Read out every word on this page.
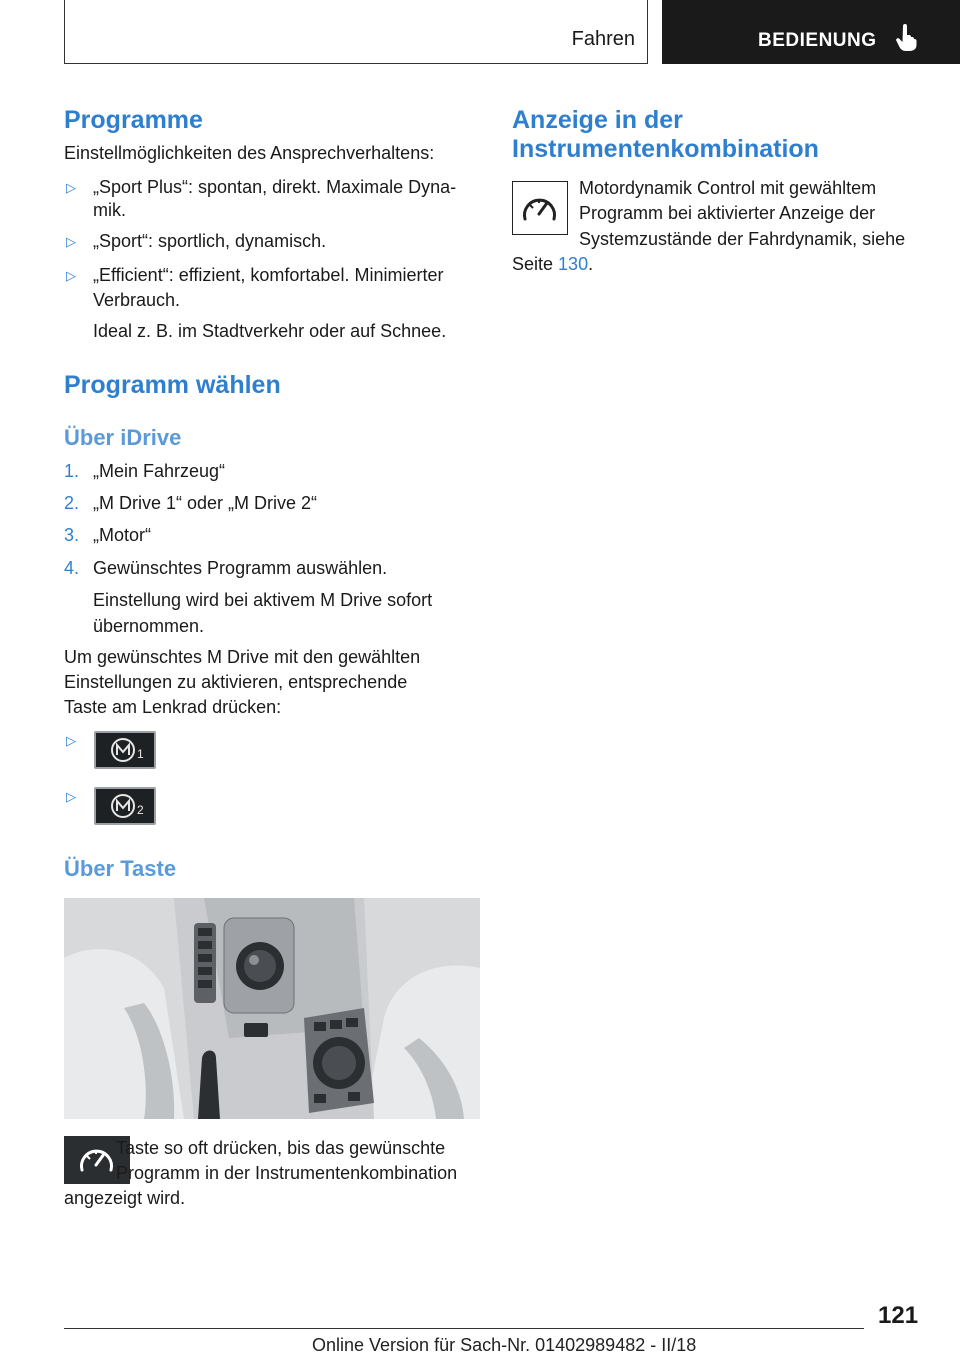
Fahren	BEDIENUNG
Programme

Einstellmöglichkeiten des Ansprechverhaltens:

▷ „Sport Plus“: spontan, direkt. Maximale Dyna-

mik.

▷ „Sport“: sportlich, dynamisch.

▷ „Efficient“: effizient, komfortabel. Minimierter

Verbrauch.

Ideal z. B. im Stadtverkehr oder auf Schnee.

Programm wählen
Über iDrive
1. „Mein Fahrzeug“

2. „M Drive 1“ oder „M Drive 2“

3. „Motor“

4. Gewünschtes Programm auswählen.

Einstellung wird bei aktivem M Drive sofort

übernommen.

Um gewünschtes M Drive mit den gewählten

Einstellungen zu aktivieren, entsprechende

Taste am Lenkrad drücken:

▷
1
▷
2
Über Taste

Taste so oft drücken, bis das gewünschte

Programm in der Instrumentenkombination

angezeigt wird.

Anzeige in der
Instrumentenkombination

Motordynamik Control mit gewähltem

Programm bei aktivierter Anzeige der

Systemzustände der Fahrdynamik, siehe

Seite 130.

121
Online Version für Sach-Nr. 01402989482 - II/18
